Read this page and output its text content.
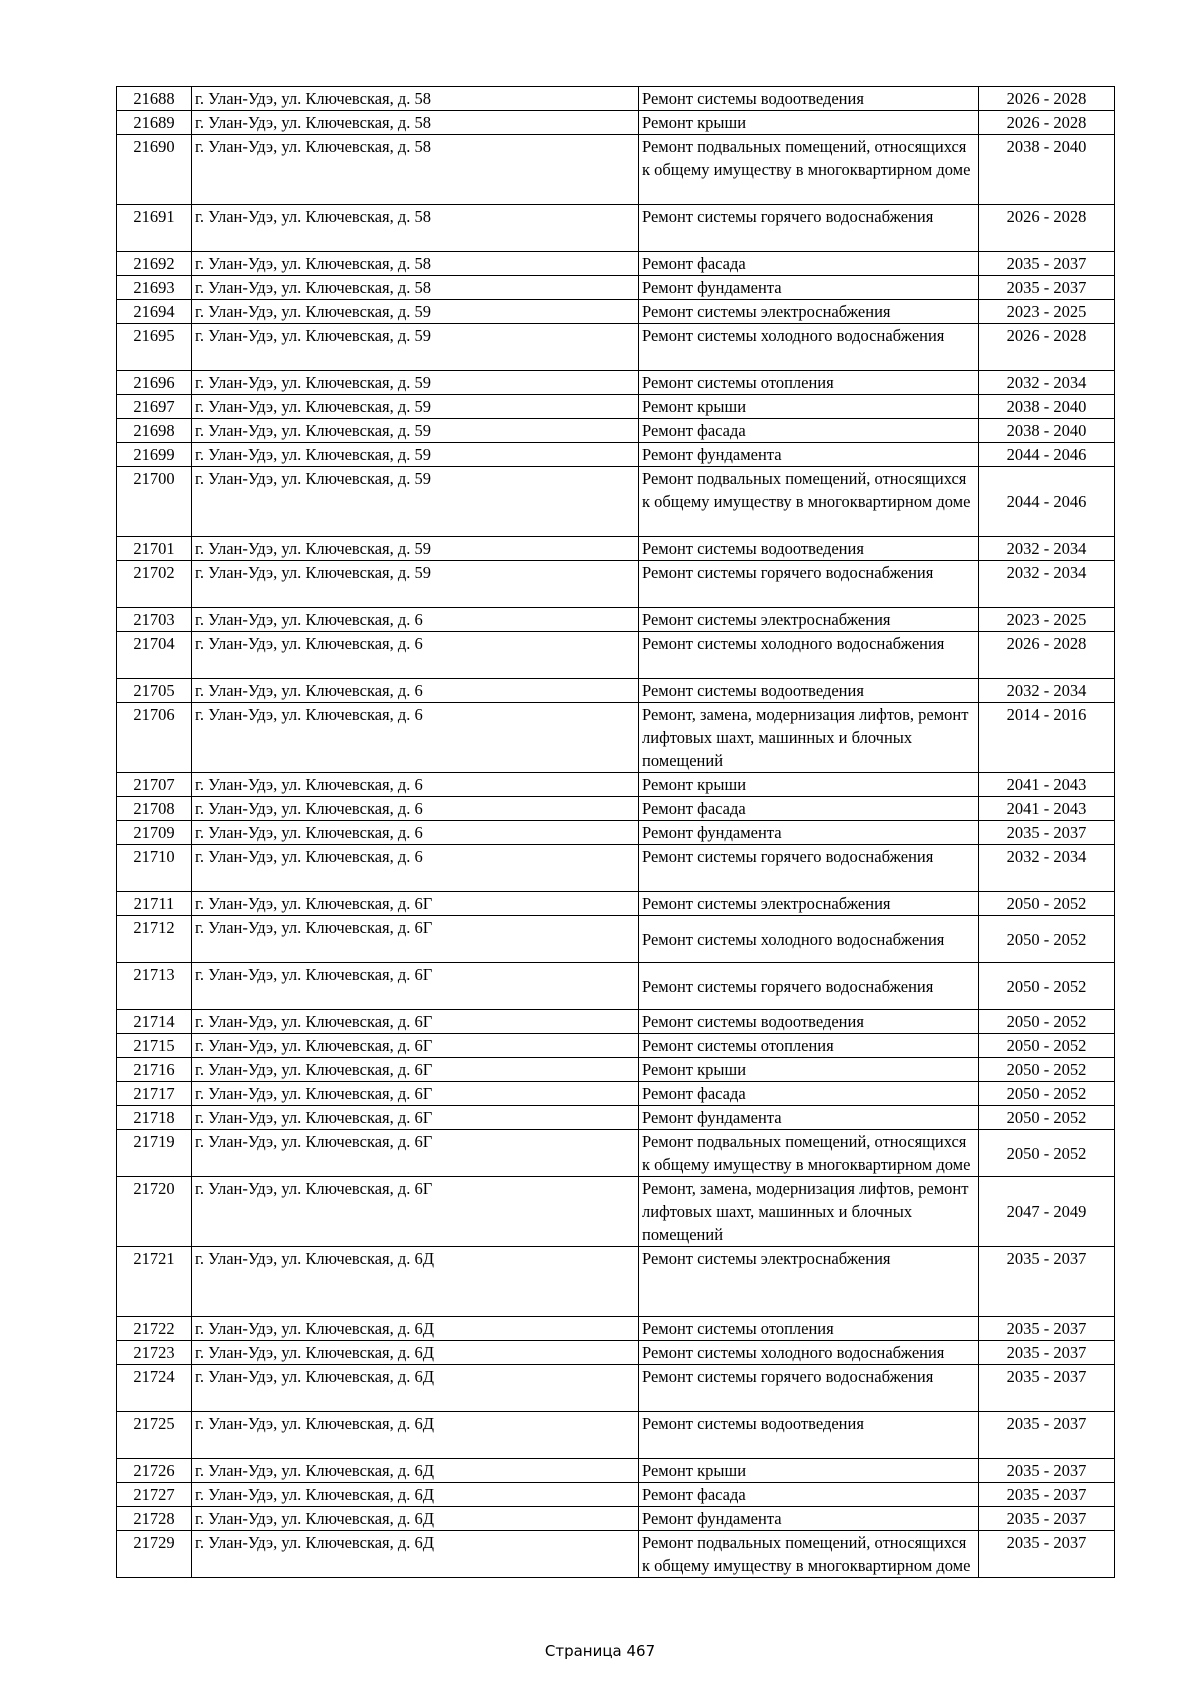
21688	г. Улан-Удэ, ул. Ключевская, д. 58	Ремонт системы водоотведения	2026 - 2028
21689	г. Улан-Удэ, ул. Ключевская, д. 58	Ремонт крыши	2026 - 2028
21690	г. Улан-Удэ, ул. Ключевская, д. 58	Ремонт подвальных помещений, относящихся к общему имуществу в многоквартирном доме	2038 - 2040
21691	г. Улан-Удэ, ул. Ключевская, д. 58	Ремонт системы горячего водоснабжения	2026 - 2028
21692	г. Улан-Удэ, ул. Ключевская, д. 58	Ремонт фасада	2035 - 2037
21693	г. Улан-Удэ, ул. Ключевская, д. 58	Ремонт фундамента	2035 - 2037
21694	г. Улан-Удэ, ул. Ключевская, д. 59	Ремонт системы электроснабжения	2023 - 2025
21695	г. Улан-Удэ, ул. Ключевская, д. 59	Ремонт системы холодного водоснабжения	2026 - 2028
21696	г. Улан-Удэ, ул. Ключевская, д. 59	Ремонт системы отопления	2032 - 2034
21697	г. Улан-Удэ, ул. Ключевская, д. 59	Ремонт крыши	2038 - 2040
21698	г. Улан-Удэ, ул. Ключевская, д. 59	Ремонт фасада	2038 - 2040
21699	г. Улан-Удэ, ул. Ключевская, д. 59	Ремонт фундамента	2044 - 2046
21700	г. Улан-Удэ, ул. Ключевская, д. 59	Ремонт подвальных помещений, относящихся к общему имуществу в многоквартирном доме	2044 - 2046
21701	г. Улан-Удэ, ул. Ключевская, д. 59	Ремонт системы водоотведения	2032 - 2034
21702	г. Улан-Удэ, ул. Ключевская, д. 59	Ремонт системы горячего водоснабжения	2032 - 2034
21703	г. Улан-Удэ, ул. Ключевская, д. 6	Ремонт системы электроснабжения	2023 - 2025
21704	г. Улан-Удэ, ул. Ключевская, д. 6	Ремонт системы холодного водоснабжения	2026 - 2028
21705	г. Улан-Удэ, ул. Ключевская, д. 6	Ремонт системы водоотведения	2032 - 2034
21706	г. Улан-Удэ, ул. Ключевская, д. 6	Ремонт, замена, модернизация лифтов, ремонт лифтовых шахт, машинных и блочных помещений	2014 - 2016
21707	г. Улан-Удэ, ул. Ключевская, д. 6	Ремонт крыши	2041 - 2043
21708	г. Улан-Удэ, ул. Ключевская, д. 6	Ремонт фасада	2041 - 2043
21709	г. Улан-Удэ, ул. Ключевская, д. 6	Ремонт фундамента	2035 - 2037
21710	г. Улан-Удэ, ул. Ключевская, д. 6	Ремонт системы горячего водоснабжения	2032 - 2034
21711	г. Улан-Удэ, ул. Ключевская, д. 6Г	Ремонт системы электроснабжения	2050 - 2052
21712	г. Улан-Удэ, ул. Ключевская, д. 6Г	Ремонт системы холодного водоснабжения	2050 - 2052
21713	г. Улан-Удэ, ул. Ключевская, д. 6Г	Ремонт системы горячего водоснабжения	2050 - 2052
21714	г. Улан-Удэ, ул. Ключевская, д. 6Г	Ремонт системы водоотведения	2050 - 2052
21715	г. Улан-Удэ, ул. Ключевская, д. 6Г	Ремонт системы отопления	2050 - 2052
21716	г. Улан-Удэ, ул. Ключевская, д. 6Г	Ремонт крыши	2050 - 2052
21717	г. Улан-Удэ, ул. Ключевская, д. 6Г	Ремонт фасада	2050 - 2052
21718	г. Улан-Удэ, ул. Ключевская, д. 6Г	Ремонт фундамента	2050 - 2052
21719	г. Улан-Удэ, ул. Ключевская, д. 6Г	Ремонт подвальных помещений, относящихся к общему имуществу в многоквартирном доме	2050 - 2052
21720	г. Улан-Удэ, ул. Ключевская, д. 6Г	Ремонт, замена, модернизация лифтов, ремонт лифтовых шахт, машинных и блочных помещений	2047 - 2049
21721	г. Улан-Удэ, ул. Ключевская, д. 6Д	Ремонт системы электроснабжения	2035 - 2037
21722	г. Улан-Удэ, ул. Ключевская, д. 6Д	Ремонт системы отопления	2035 - 2037
21723	г. Улан-Удэ, ул. Ключевская, д. 6Д	Ремонт системы холодного водоснабжения	2035 - 2037
21724	г. Улан-Удэ, ул. Ключевская, д. 6Д	Ремонт системы горячего водоснабжения	2035 - 2037
21725	г. Улан-Удэ, ул. Ключевская, д. 6Д	Ремонт системы водоотведения	2035 - 2037
21726	г. Улан-Удэ, ул. Ключевская, д. 6Д	Ремонт крыши	2035 - 2037
21727	г. Улан-Удэ, ул. Ключевская, д. 6Д	Ремонт фасада	2035 - 2037
21728	г. Улан-Удэ, ул. Ключевская, д. 6Д	Ремонт фундамента	2035 - 2037
21729	г. Улан-Удэ, ул. Ключевская, д. 6Д	Ремонт подвальных помещений, относящихся к общему имуществу в многоквартирном доме	2035 - 2037
Страница 467
